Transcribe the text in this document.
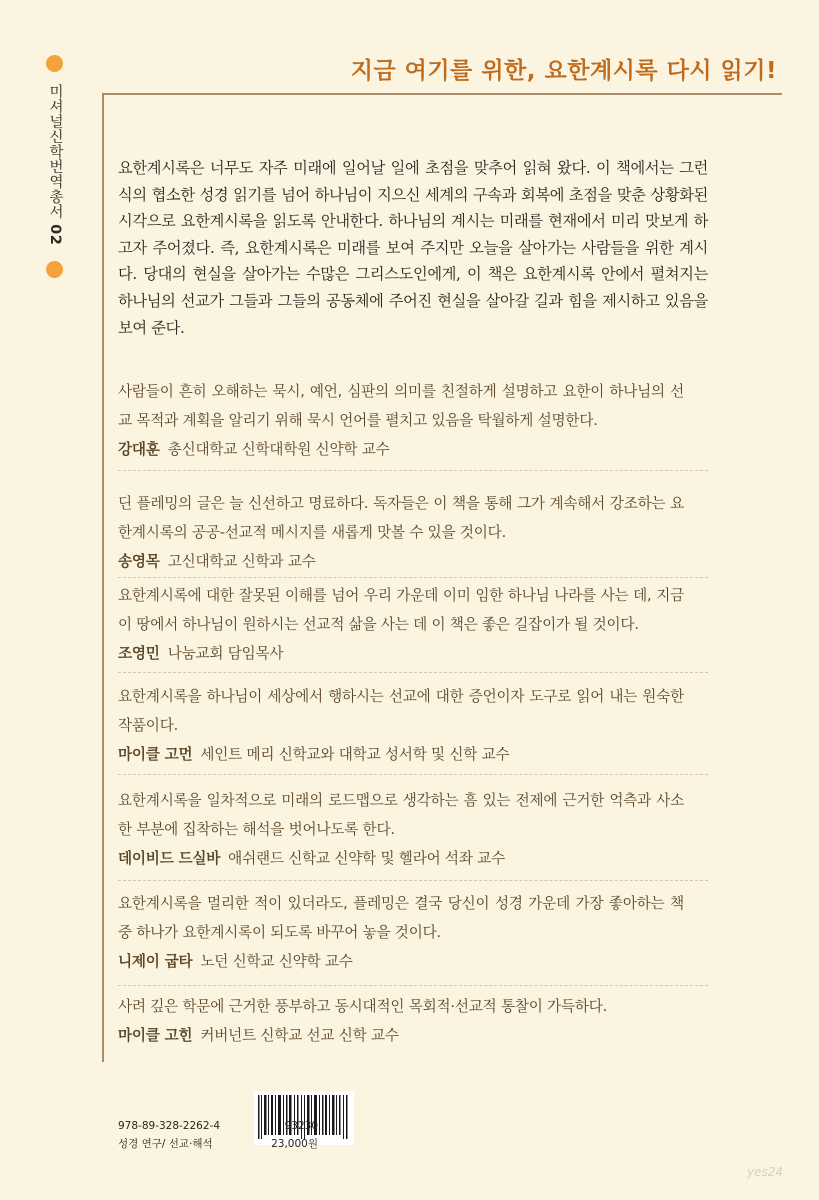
미셔널신학번역총서 02
지금 여기를 위한, 요한계시록 다시 읽기!

요한계시록은 너무도 자주 미래에 일어날 일에 초점을 맞추어 읽혀 왔다. 이 책에서는 그런 식의 협소한 성경 읽기를 넘어 하나님이 지으신 세계의 구속과 회복에 초점을 맞춘 상황화된 시각으로 요한계시록을 읽도록 안내한다. 하나님의 계시는 미래를 현재에서 미리 맛보게 하고자 주어졌다. 즉, 요한계시록은 미래를 보여 주지만 오늘을 살아가는 사람들을 위한 계시다. 당대의 현실을 살아가는 수많은 그리스도인에게, 이 책은 요한계시록 안에서 펼쳐지는 하나님의 선교가 그들과 그들의 공동체에 주어진 현실을 살아갈 길과 힘을 제시하고 있음을 보여 준다.

사람들이 흔히 오해하는 묵시, 예언, 심판의 의미를 친절하게 설명하고 요한이 하나님의 선교 목적과 계획을 알리기 위해 묵시 언어를 펼치고 있음을 탁월하게 설명한다.

강대훈 총신대학교 신학대학원 신약학 교수

딘 플레밍의 글은 늘 신선하고 명료하다. 독자들은 이 책을 통해 그가 계속해서 강조하는 요한계시록의 공공-선교적 메시지를 새롭게 맛볼 수 있을 것이다.

송영목 고신대학교 신학과 교수

요한계시록에 대한 잘못된 이해를 넘어 우리 가운데 이미 임한 하나님 나라를 사는 데, 지금 이 땅에서 하나님이 원하시는 선교적 삶을 사는 데 이 책은 좋은 길잡이가 될 것이다.

조영민 나눔교회 담임목사

요한계시록을 하나님이 세상에서 행하시는 선교에 대한 증언이자 도구로 읽어 내는 원숙한 작품이다.

마이클 고먼 세인트 메리 신학교와 대학교 성서학 및 신학 교수

요한계시록을 일차적으로 미래의 로드맵으로 생각하는 흠 있는 전제에 근거한 억측과 사소한 부분에 집착하는 해석을 벗어나도록 한다.

데이비드 드실바 애쉬랜드 신학교 신약학 및 헬라어 석좌 교수

요한계시록을 멀리한 적이 있더라도, 플레밍은 결국 당신이 성경 가운데 가장 좋아하는 책 중 하나가 요한계시록이 되도록 바꾸어 놓을 것이다.

니제이 굽타 노던 신학교 신약학 교수

사려 깊은 학문에 근거한 풍부하고 동시대적인 목회적·선교적 통찰이 가득하다.

마이클 고힌 커버넌트 신학교 선교 신학 교수
978-89-328-2262-4	93230
성경 연구/ 선교·해석	23,000원
yes24
